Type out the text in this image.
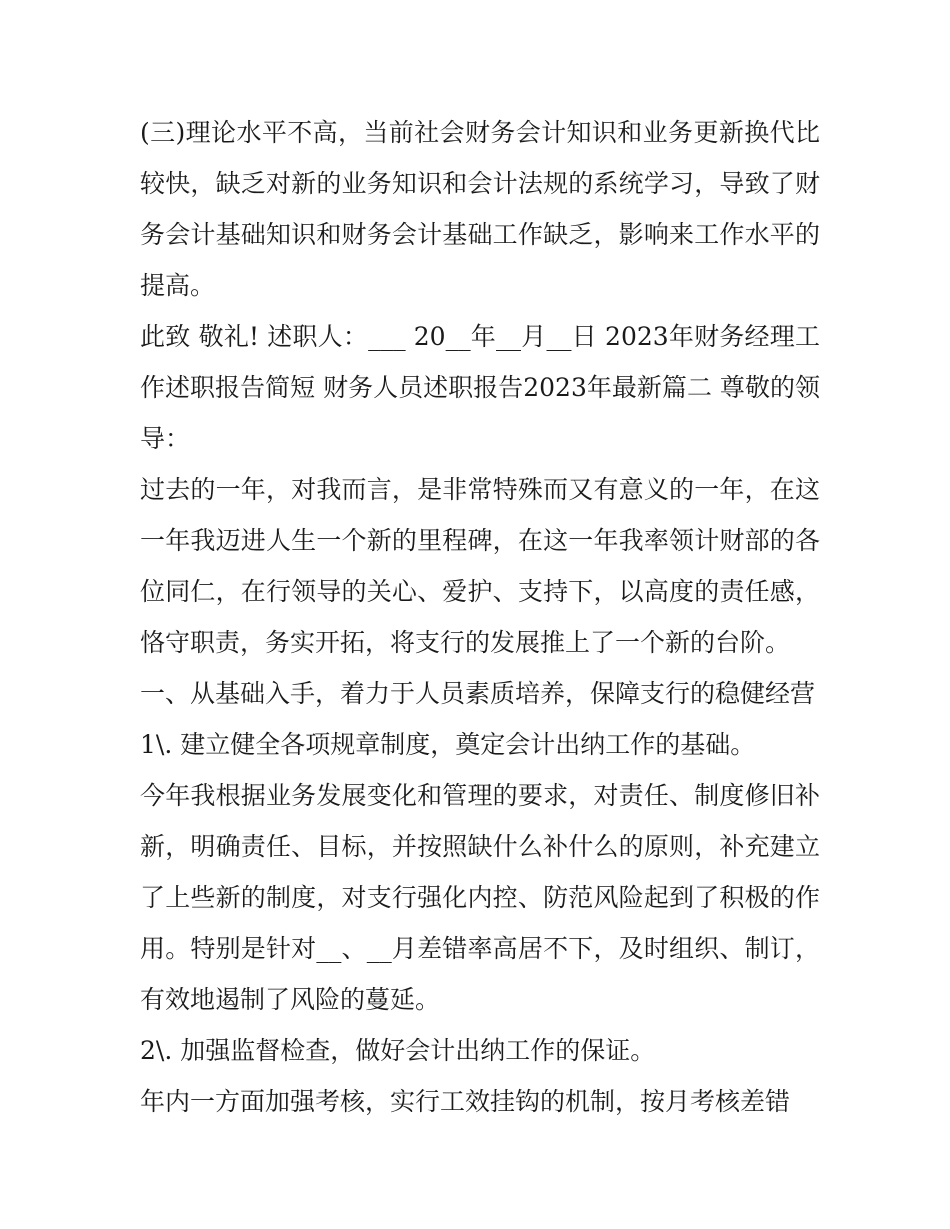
(三)理论水平不高，当前社会财务会计知识和业务更新换代比较快，缺乏对新的业务知识和会计法规的系统学习，导致了财务会计基础知识和财务会计基础工作缺乏，影响来工作水平的提高。

此致 敬礼! 述职人：___ 20__年__月__日 2023年财务经理工作述职报告简短 财务人员述职报告2023年最新篇二 尊敬的领导：

过去的一年，对我而言，是非常特殊而又有意义的一年，在这一年我迈进人生一个新的里程碑，在这一年我率领计财部的各位同仁，在行领导的关心、爱护、支持下，以高度的责任感，恪守职责，务实开拓，将支行的发展推上了一个新的台阶。

一、从基础入手，着力于人员素质培养，保障支行的稳健经营

1\. 建立健全各项规章制度，奠定会计出纳工作的基础。

今年我根据业务发展变化和管理的要求，对责任、制度修旧补新，明确责任、目标，并按照缺什么补什么的原则，补充建立了上些新的制度，对支行强化内控、防范风险起到了积极的作用。特别是针对__、__月差错率高居不下，及时组织、制订，有效地遏制了风险的蔓延。

2\. 加强监督检查，做好会计出纳工作的保证。

年内一方面加强考核，实行工效挂钩的机制，按月考核差错
